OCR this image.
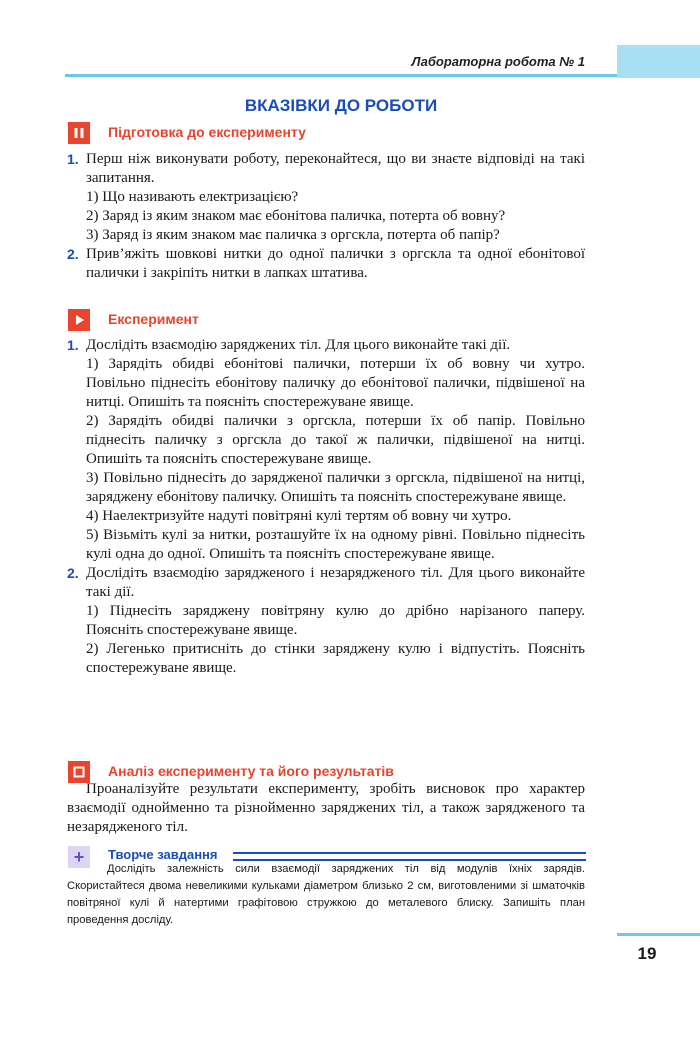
Лабораторна робота № 1
ВКАЗІВКИ ДО РОБОТИ
Підготовка до експерименту
1. Перш ніж виконувати роботу, переконайтеся, що ви знаєте відповіді на такі запитання.
1) Що називають електризацією?
2) Заряд із яким знаком має ебонітова паличка, потерта об вовну?
3) Заряд із яким знаком має паличка з оргскла, потерта об папір?
2. Прив’яжіть шовкові нитки до одної палички з оргскла та одної ебонітової палички і закріпіть нитки в лапках штатива.
Експеримент
1. Дослідіть взаємодію заряджених тіл. Для цього виконайте такі дії.
1) Зарядіть обидві ебонітові палички, потерши їх об вовну чи хутро. Повільно піднесіть ебонітову паличку до ебонітової палички, підвішеної на нитці. Опишіть та поясніть спостережуване явище.
2) Зарядіть обидві палички з оргскла, потерши їх об папір. Повільно піднесіть паличку з оргскла до такої ж палички, підвішеної на нитці. Опишіть та поясніть спостережуване явище.
3) Повільно піднесіть до зарядженої палички з оргскла, підвішеної на нитці, заряджену ебонітову паличку. Опишіть та поясніть спостережуване явище.
4) Наелектризуйте надуті повітряні кулі тертям об вовну чи хутро.
5) Візьміть кулі за нитки, розташуйте їх на одному рівні. Повільно піднесіть кулі одна до одної. Опишіть та поясніть спостережуване явище.
2. Дослідіть взаємодію зарядженого і незарядженого тіл. Для цього виконайте такі дії.
1) Піднесіть заряджену повітряну кулю до дрібно нарізаного паперу. Поясніть спостережуване явище.
2) Легенько притисніть до стінки заряджену кулю і відпустіть. Поясніть спостережуване явище.
Аналіз експерименту та його результатів
Проаналізуйте результати експерименту, зробіть висновок про характер взаємодії однойменно та різнойменно заряджених тіл, а також зарядженого та незарядженого тіл.
+	Творче завдання
Дослідіть залежність сили взаємодії заряджених тіл від модулів їхніх зарядів. Скористайтеся двома невеликими кульками діаметром близько 2 см, виготовленими зі шматочків повітряної кулі й натертими графітовою стружкою до металевого блиску. Запишіть план проведення досліду.
19
